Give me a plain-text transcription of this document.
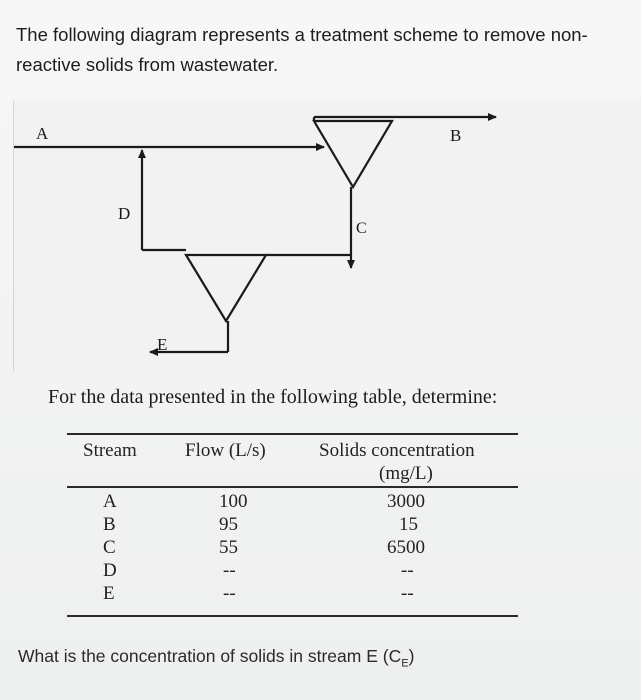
The following diagram represents a treatment scheme to remove non-reactive solids from wastewater.
A	B
C
D
E
For the data presented in the following table, determine:
Stream	Flow (L/s)	Solids concentration
(mg/L)
A	100	3000
B	95	15
C	55	6500
D	--	--
E	--	--
What is the concentration of solids in stream E $(C_E)$
